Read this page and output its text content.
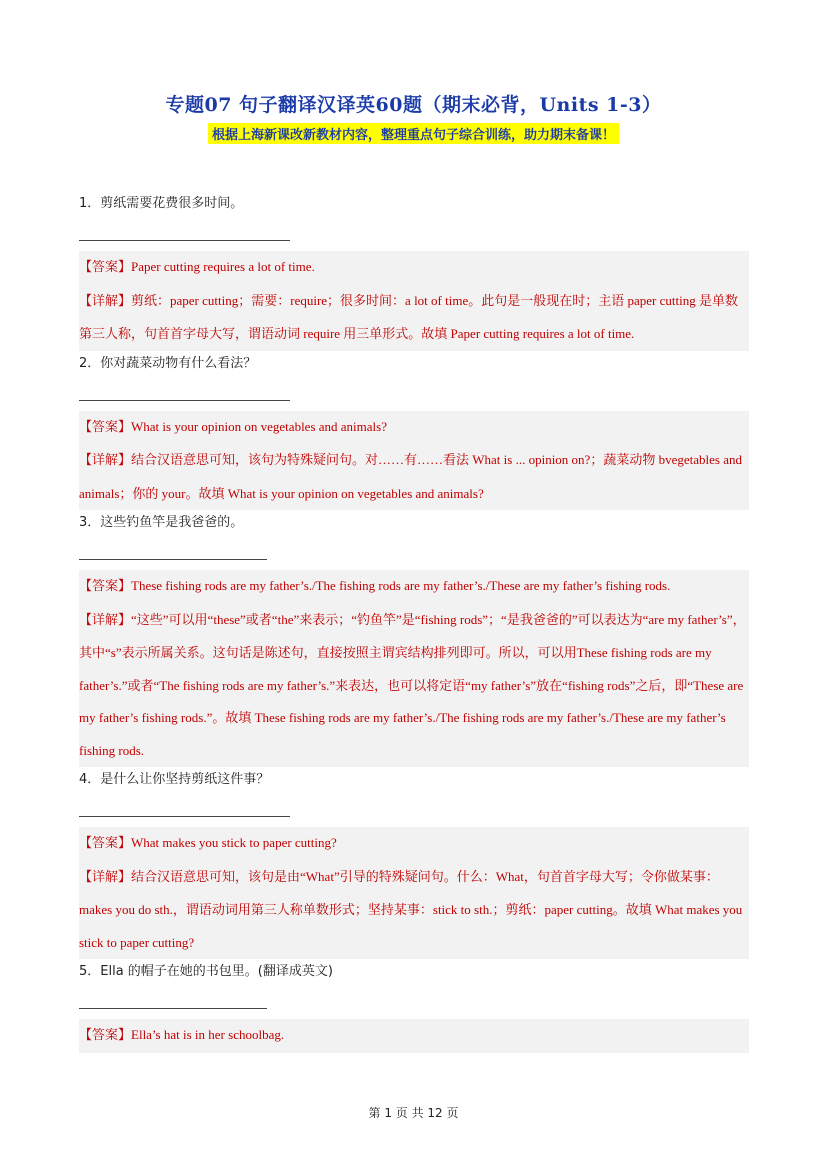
专题07 句子翻译汉译英60题（期末必背，Units 1-3）
根据上海新课改新教材内容，整理重点句子综合训练，助力期末备课！
1．剪纸需要花费很多时间。

【答案】Paper cutting requires a lot of time.

【详解】剪纸：paper cutting；需要：require；很多时间：a lot of time。此句是一般现在时；主语 paper cutting 是单数第三人称，句首首字母大写，谓语动词 require 用三单形式。故填 Paper cutting requires a lot of time.

2．你对蔬菜动物有什么看法？

【答案】What is your opinion on vegetables and animals?

【详解】结合汉语意思可知，该句为特殊疑问句。对……有……看法 What is ... opinion on?；蔬菜动物 bvegetables and animals；你的 your。故填 What is your opinion on vegetables and animals?

3．这些钓鱼竿是我爸爸的。

【答案】These fishing rods are my father’s./The fishing rods are my father’s./These are my father’s fishing rods.

【详解】“这些”可以用“these”或者“the”来表示；“钓鱼竿”是“fishing rods”；“是我爸爸的”可以表达为“are my father’s”，其中“s”表示所属关系。这句话是陈述句，直接按照主谓宾结构排列即可。所以，可以用These fishing rods are my father’s.”或者“The fishing rods are my father’s.”来表达，也可以将定语“my father’s”放在“fishing rods”之后，即“These are my father’s fishing rods.”。故填 These fishing rods are my father’s./The fishing rods are my father’s./These are my father’s fishing rods.

4．是什么让你坚持剪纸这件事？

【答案】What makes you stick to paper cutting?

【详解】结合汉语意思可知，该句是由“What”引导的特殊疑问句。什么：What，句首首字母大写；令你做某事：makes you do sth.，谓语动词用第三人称单数形式；坚持某事：stick to sth.；剪纸：paper cutting。故填 What makes you stick to paper cutting?

5．Ella 的帽子在她的书包里。(翻译成英文)

【答案】Ella’s hat is in her schoolbag.

第 1 页 共 12 页
